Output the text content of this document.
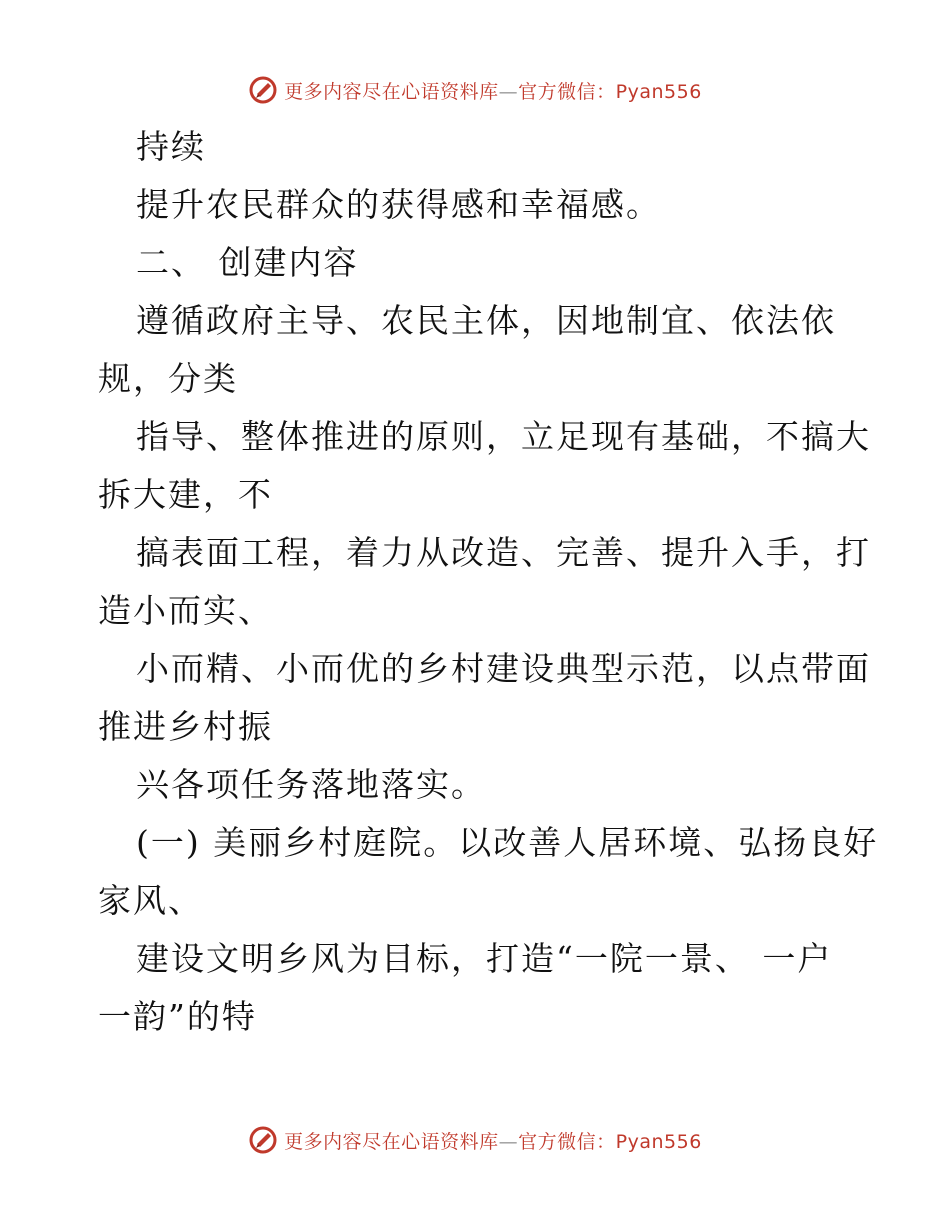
更多内容尽在心语资料库—官方微信：Pyan556
持续
提升农民群众的获得感和幸福感。
二、 创建内容
遵循政府主导、农民主体，因地制宜、依法依
规，分类
指导、整体推进的原则，立足现有基础，不搞大
拆大建，不
搞表面工程，着力从改造、完善、提升入手，打
造小而实、
小而精、小而优的乡村建设典型示范，以点带面
推进乡村振
兴各项任务落地落实。
(一) 美丽乡村庭院。以改善人居环境、弘扬良好
家风、
建设文明乡风为目标，打造“一院一景、 一户
一韵”的特
更多内容尽在心语资料库—官方微信：Pyan556
